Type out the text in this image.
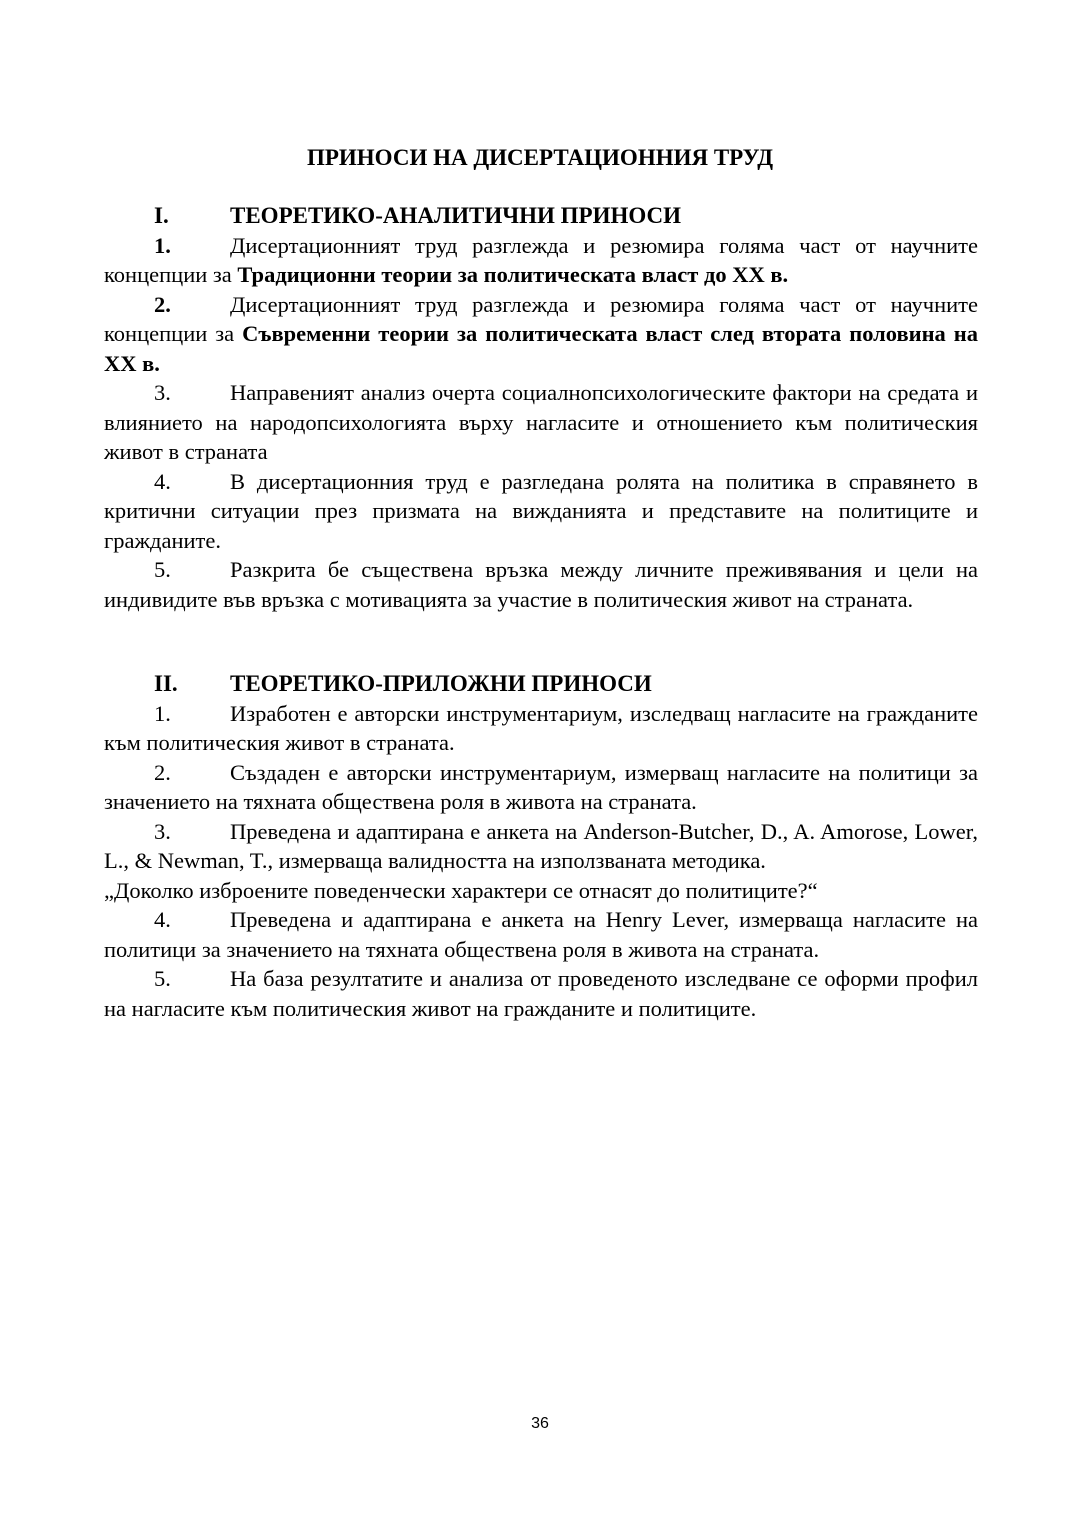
ПРИНОСИ НА ДИСЕРТАЦИОННИЯ ТРУД

I.	ТЕОРЕТИКО-АНАЛИТИЧНИ ПРИНОСИ

1.	Дисертационният труд разглежда и резюмира голяма част от научните концепции за Традиционни теории за политическата власт до XX в.

2.	Дисертационният труд разглежда и резюмира голяма част от научните концепции за Съвременни теории за политическата власт след втората половина на XX в.

3.	Направеният анализ очерта социалнопсихологическите фактори на средата и влиянието на народопсихологията върху нагласите и отношението към политическия живот в страната

4.	В дисертационния труд е разгледана ролята на политика в справянето в критични ситуации през призмата на вижданията и представите на политиците и гражданите.

5.	Разкрита бе съществена връзка между личните преживявания и цели на индивидите във връзка с мотивацията за участие в политическия живот на страната.

II. ТЕОРЕТИКО-ПРИЛОЖНИ ПРИНОСИ

1.	Изработен е авторски инструментариум, изследващ нагласите на гражданите към политическия живот в страната.

2.	Създаден е авторски инструментариум, измерващ нагласите на политици за значението на тяхната обществена роля в живота на страната.

3.	Преведена и адаптирана е анкета на Anderson-Butcher, D., A. Amorose, Lower, L., & Newman, T., измерваща валидността на използваната методика.
„Доколко изброените поведенчески характери се отнасят до политиците?“

4.	Преведена и адаптирана е анкета на Henry Lever, измерваща нагласите на политици за значението на тяхната обществена роля в живота на страната.

5.	На база резултатите и анализа от проведеното изследване се оформи профил на нагласите към политическия живот на гражданите и политиците.

36
